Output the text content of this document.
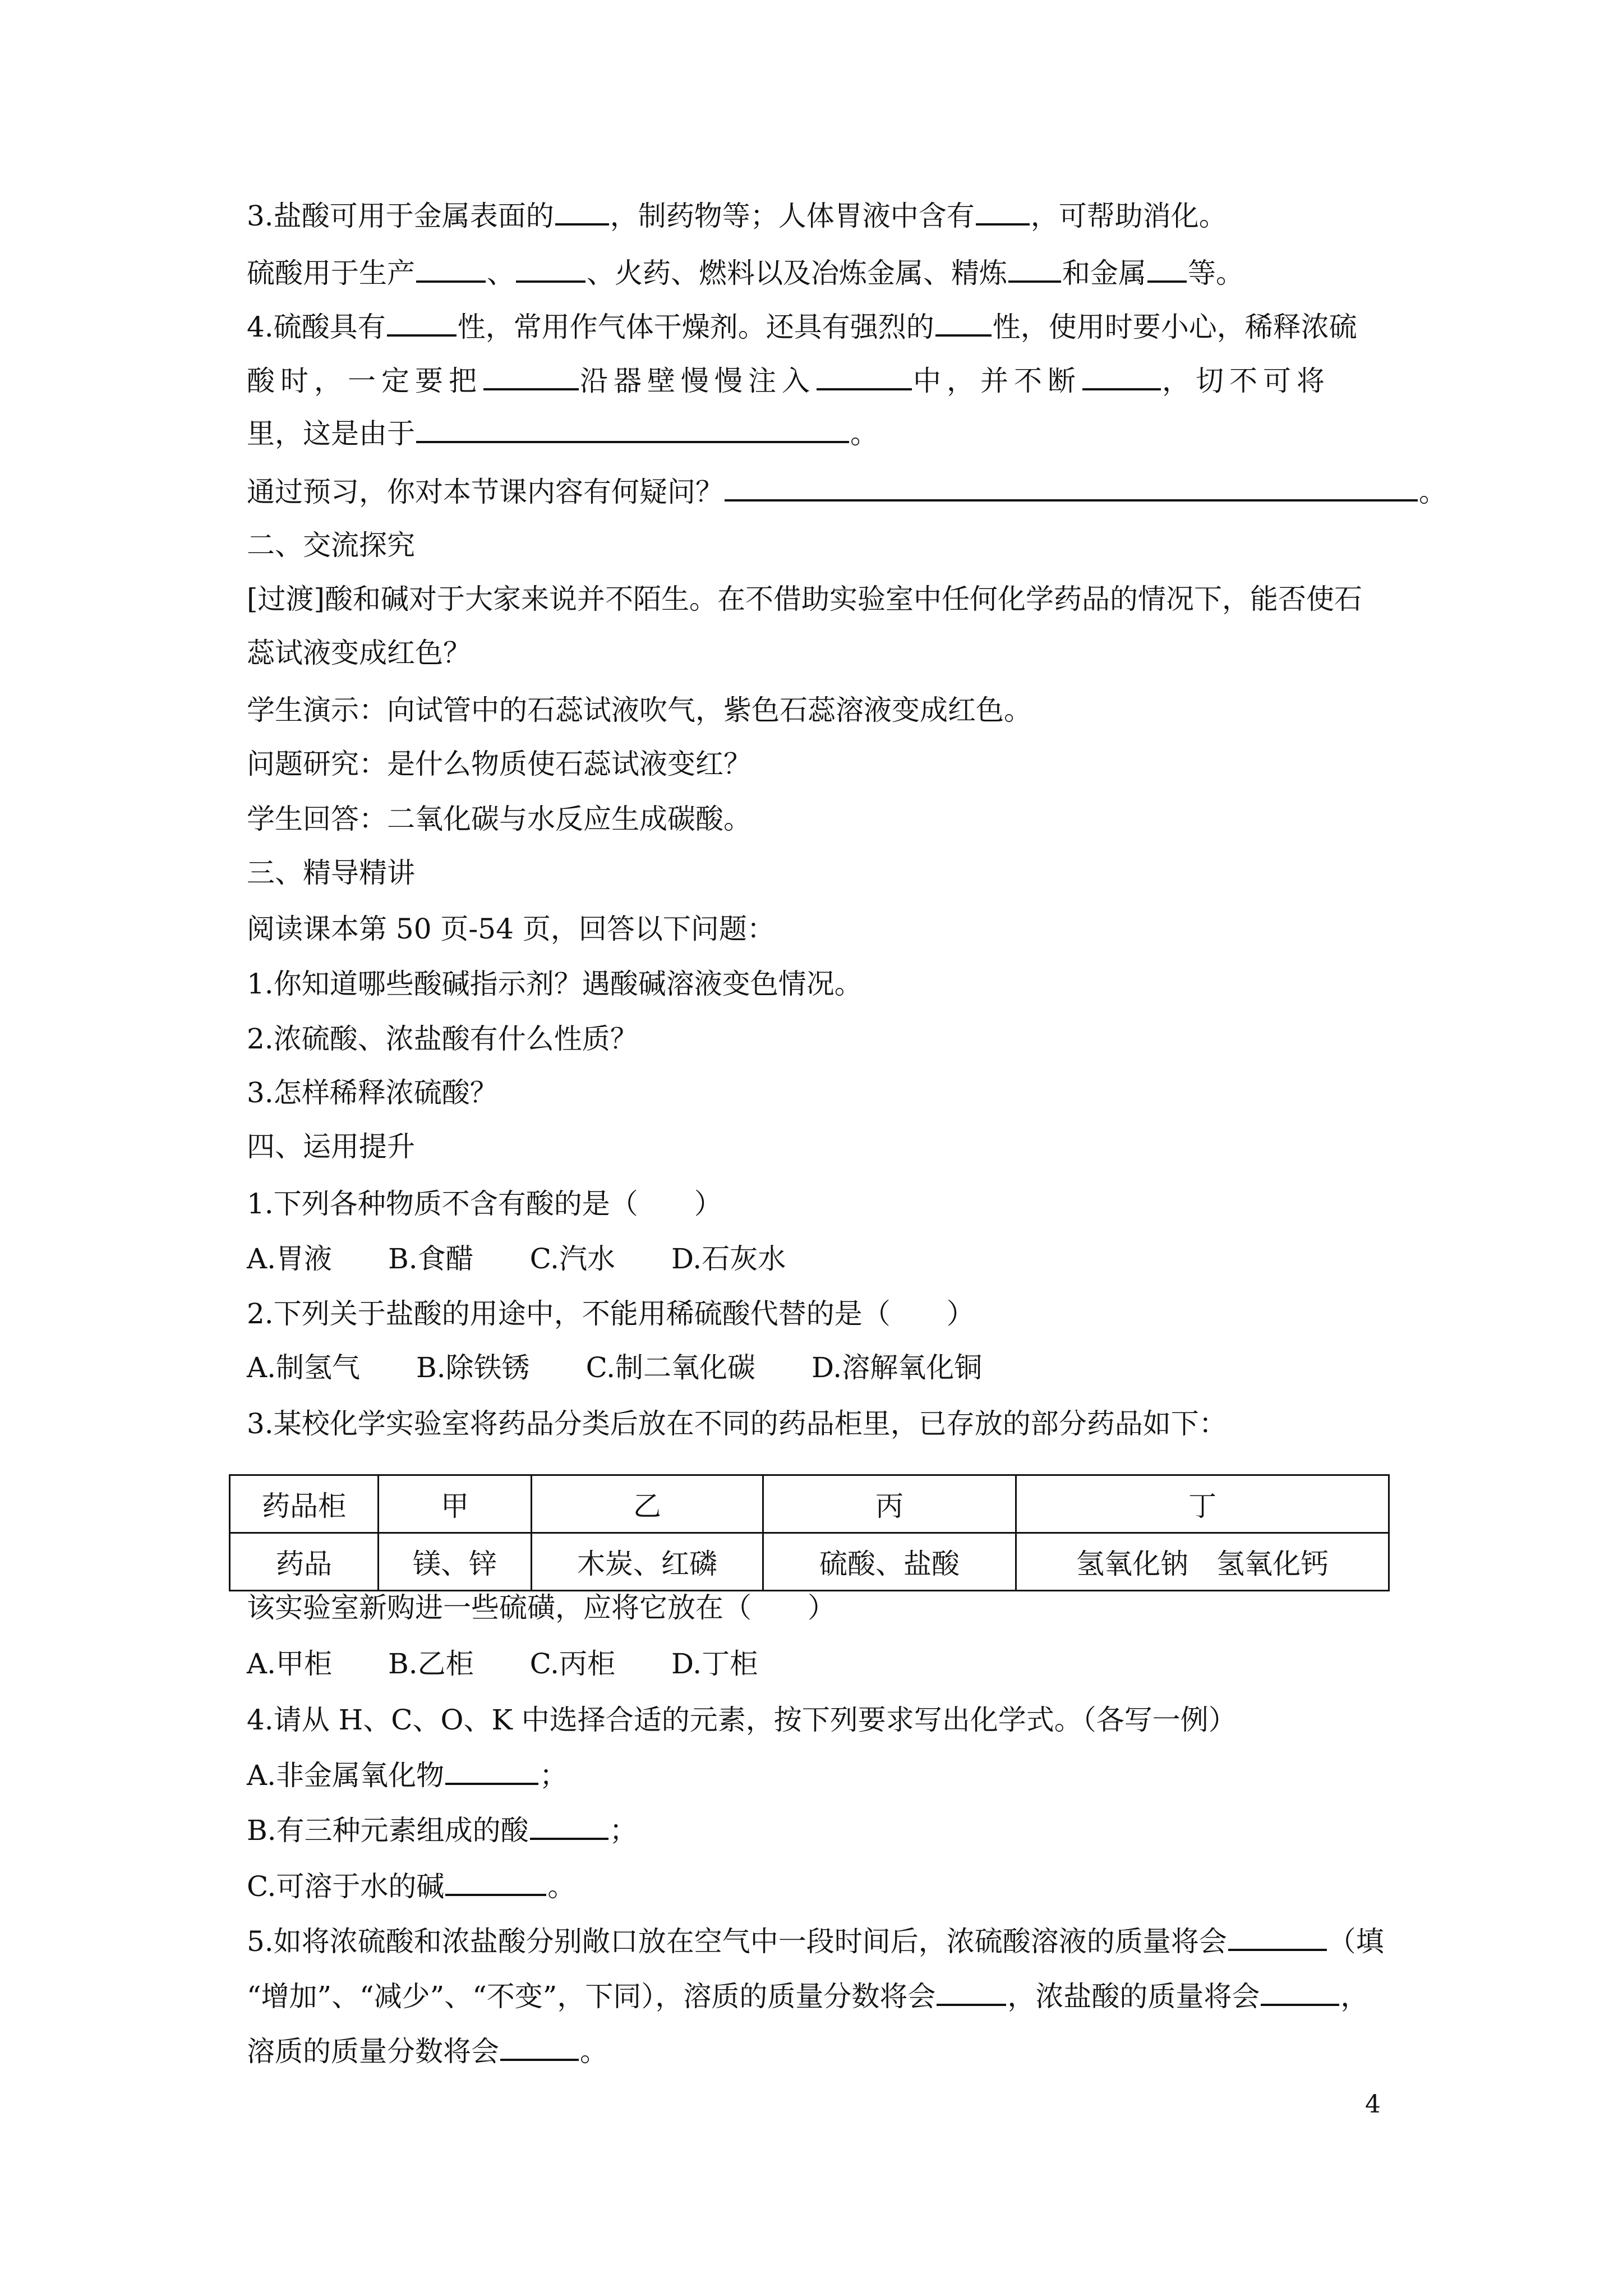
3.盐酸可用于金属表面的 ，制药物等；人体胃液中含有 ，可帮助消化。
硫酸用于生产	、	、火药、燃料以及冶炼金属、精炼 和金属 等。
4.硫酸具有	性，常用作气体干燥剂。还具有强烈的 性，使用时要小心，稀释浓硫
酸时，一定要把	沿器壁慢慢注入	中，并不断	，切不可将
里，这是由于	。
通过预习，你对本节课内容有何疑问？	。
二、交流探究
[过渡]酸和碱对于大家来说并不陌生。在不借助实验室中任何化学药品的情况下，能否使石
蕊试液变成红色？
学生演示：向试管中的石蕊试液吹气，紫色石蕊溶液变成红色。
问题研究：是什么物质使石蕊试液变红？
学生回答：二氧化碳与水反应生成碳酸。
三、精导精讲
阅读课本第 50 页-54 页，回答以下问题：
1.你知道哪些酸碱指示剂？遇酸碱溶液变色情况。
2.浓硫酸、浓盐酸有什么性质？
3.怎样稀释浓硫酸？
四、运用提升
1.下列各种物质不含有酸的是（　　）
A.胃液　　B.食醋　　C.汽水　　D.石灰水
2.下列关于盐酸的用途中，不能用稀硫酸代替的是（　　）
A.制氢气　　B.除铁锈　　C.制二氧化碳　　D.溶解氧化铜
3.某校化学实验室将药品分类后放在不同的药品柜里，已存放的部分药品如下：
药品柜	甲	乙	丙	丁
药品	镁、锌	木炭、红磷	硫酸、盐酸	氢氧化钠　氢氧化钙
该实验室新购进一些硫磺，应将它放在（　　）
A.甲柜　　B.乙柜　　C.丙柜　　D.丁柜
4.请从 H、C、O、K 中选择合适的元素，按下列要求写出化学式。（各写一例）
A.非金属氧化物	；
B.有三种元素组成的酸	；
C.可溶于水的碱	。
5.如将浓硫酸和浓盐酸分别敞口放在空气中一段时间后，浓硫酸溶液的质量将会	（填
“增加”、“减少”、“不变”，下同），溶质的质量分数将会	，浓盐酸的质量将会	，
溶质的质量分数将会	。
4
